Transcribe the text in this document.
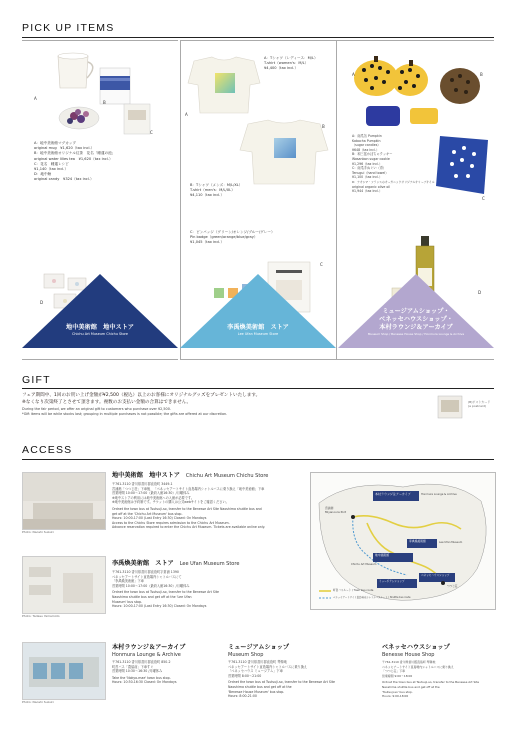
PICK UP ITEMS
A
B
C
A：地中美術館マグカップ
original mug　¥1,620（tax incl.）
B：地中美術館オリジナル紅茶　花名「睡蓮の池」
original water lilies tea　¥1,620（tax incl.）
C：花名　睡蓮レシピ
¥1,140（tax incl.）
D：地中飴
original candy　¥324（tax incl.）
D
A：Tシャツ（レディース：M/L）
T-shirt（women's：M/L）
¥4,400（tax incl.）
A
B
B：Tシャツ（メンズ：M/L/XL）
T-shirt（men's：M/L/XL）
¥4,110（tax incl.）
C：ビンバッジ（グリーン/オレンジ/ブルー/グレー）
Pin badge（green/orange/blue/gray）
¥1,045（tax incl.）
C
A	B
A：南瓜缶 Pumpkin
Kabocha Pumpkin
（sugar candies）
¥648（tax incl.）
B：和三盆かぼちゃクッキー
Wasanbon sugar cookie
¥1,296（tax incl.）
C：南瓜手ぬぐい（青）
Tenugui（hand towel）
¥1,100（tax incl.）
D：ナオシマ・フランスのオーガニックオリジナルオリーブオイル
original organic olive oil
¥1,944（tax incl.）
C
D
地中美術館　地中ストア
Chichu Art Museum Chichu Store
李禹煥美術館　ストア
Lee Ufan Museum Store
ミュージアムショップ・
ベネッセハウスショップ・
本村ラウンジ＆アーカイブ
Museum Shop / Benesse House Shop / Honmura Lounge & Archive
GIFT
フェア期間中、1回のお買い上げ金額が¥2,500（税込）以上のお客様にオリジナルグッズをプレゼントいたします。
※なくなり次第終了とさせて頂きます。複数のお支払い金額の合算はできません。
During the fair period, we offer an original gift to customers who purchase over ¥2,500.
*Gift items will be while stocks last; grouping in multiple purchases is not possible; the gifts are offered at our discretion.
(B)ポストカード
(a postcard)
ACCESS
Photo: Naoshi Suzuki
地中美術館　地中ストア Chichu Art Museum Chichu Store
〒761-3110 香川県香川郡直島町 3449-1
宮浦港「つつじ荘」下車後、「ベネッセアートサイト直島場内シャトルバスに乗り換え「地中美術館」下車
営業時間 10:00～17:00（最終入館16:30）/月曜休み
※地中ストアの利用には地中美術館への入館が必要です。
※地中美術館は予約制です。チケットの購入は公式webサイトをご確認ください。
Ordnet the town bus at Tsutsuji-so, transfer to the Benesse Art Site Naoshima shuttle bus and
get off at the 'Chichu Art Museum' bus stop.
Hours: 10:00-17:00 (Last Entry 16:30) Closed: On Mondays
Access to the Chichu Store requires admission to the Chichu Art Museum.
Advance reservation required to enter the Chichu Art Museum. Tickets are available online only.
Photo: Tadasu Yamamoto
李禹煥美術館　ストア Lee Ufan Museum Store
〒761-3110 香川県香川郡直島町字倉浦 1390
ベネッセアートサイト直島場内シャトルバスにて
「李禹煥美術館」下車
営業時間 10:00～17:00（最終入館16:30）/月曜休み
Ordnet the town bus at Tsutsuji-so, transfer to the Benesse Art Site
Naoshima shuttle bus and get off at the 'Lee Ufan
Museum' bus stop.
Hours: 10:00-17:00 (Last Entry 16:30) Closed: On Mondays
本村ラウンジ＆アーカイブ	Honmura Lounge & Archive
宮浦港
Miyanoura Port
地中美術館
Chichu Art Museum
李禹煥美術館	Lee Ufan Museum
ベネッセハウスショップ
ミュージアムショップ
つつじ荘
町営バスルート / Town bus route
ベネッセアートサイト直島場内シャトルバスルート / Shuttle bus route
Photo: Naoshi Suzuki
本村ラウンジ＆アーカイブ
Honmura Lounge & Archive
〒761-3110 香川県香川郡直島町 850-2
町営バス「農協前」下車すぐ
営業時間 10:30～16:30 /月曜休み
Take the 'Nokyo-mae' town bus stop.
Hours: 10:30-16:30 Closed: On Mondays
ミュージアムショップ
Museum Shop
〒761-3110 香川県香川郡直島町 琴弾地
ベネッセアートサイト直島場内シャトルバスに乗り換え
「ベネッセハウス ミュージアム」下車
営業時間 8:00～21:00
Ordnet the town bus at Tsutsuji-so, transfer to the Benesse Art Site
Naoshima shuttle bus and get off at the
'Benesse House Museum' bus stop.
Hours: 8:00-21:00
ベネッセハウスショップ
Benesse House Shop
〒761-3110 香川県香川郡直島町 琴弾地
ベネッセアートサイト直島場内シャトルバスに乗り換え
「つつじ荘」下車
営業時間 9:00～18:00
Ordnet the town bus at Tsutsuji-so, transfer to the Benesse Art Site
Naoshima shuttle bus and get off at the
'Tsutsuji-so' bus stop.
Hours: 9:00-18:00
